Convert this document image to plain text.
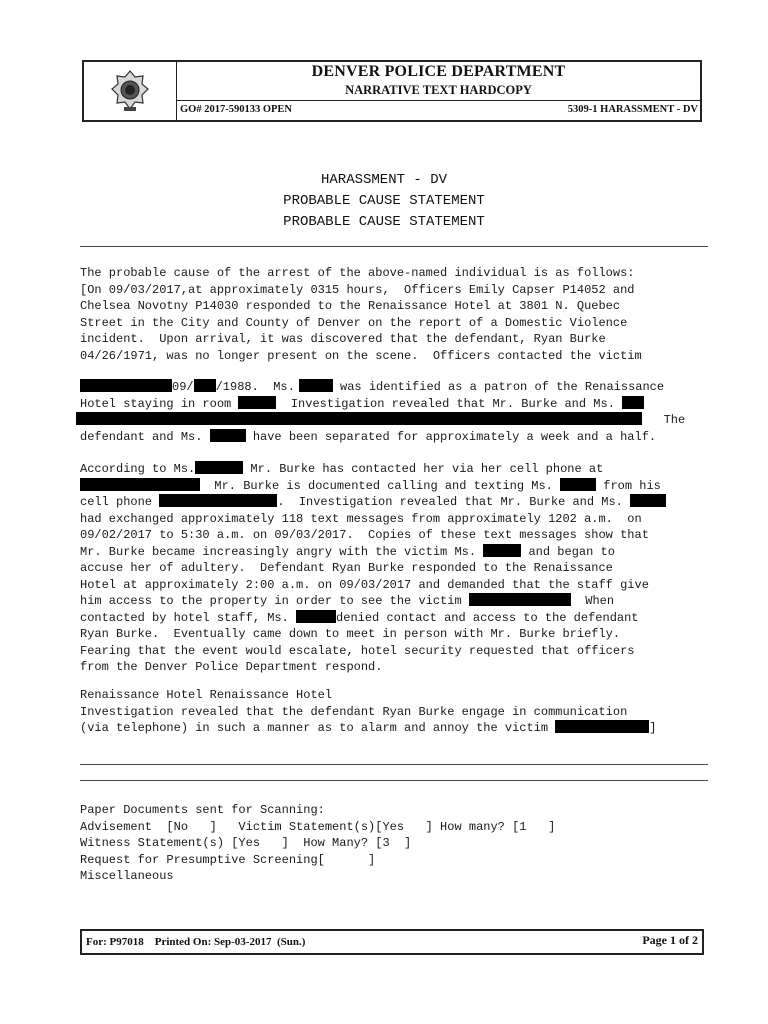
DENVER POLICE DEPARTMENT
NARRATIVE TEXT HARDCOPY
GO# 2017-590133 OPEN	5309-1 HARASSMENT - DV
HARASSMENT - DV
PROBABLE CAUSE STATEMENT
PROBABLE CAUSE STATEMENT
The probable cause of the arrest of the above-named individual is as follows:
[On 09/03/2017,at approximately 0315 hours,  Officers Emily Capser P14052 and
Chelsea Novotny P14030 responded to the Renaissance Hotel at 3801 N. Quebec
Street in the City and County of Denver on the report of a Domestic Violence
incident.  Upon arrival, it was discovered that the defendant, Ryan Burke
04/26/1971, was no longer present on the scene.  Officers contacted the victim
09/ /1988.  Ms.	was identified as a patron of the Renaissance
Hotel staying in room	Investigation revealed that Mr. Burke and Ms.
The
defendant and Ms.	have been separated for approximately a week and a half.
According to Ms.	Mr. Burke has contacted her via her cell phone at
Mr. Burke is documented calling and texting Ms.	from his
cell phone	.  Investigation revealed that Mr. Burke and Ms.
had exchanged approximately 118 text messages from approximately 1202 a.m.  on
09/02/2017 to 5:30 a.m. on 09/03/2017.  Copies of these text messages show that
Mr. Burke became increasingly angry with the victim Ms.	and began to
accuse her of adultery.  Defendant Ryan Burke responded to the Renaissance
Hotel at approximately 2:00 a.m. on 09/03/2017 and demanded that the staff give
him access to the property in order to see the victim	When
contacted by hotel staff, Ms.	denied contact and access to the defendant
Ryan Burke.  Eventually came down to meet in person with Mr. Burke briefly.
Fearing that the event would escalate, hotel security requested that officers
from the Denver Police Department respond.
Renaissance Hotel Renaissance Hotel
Investigation revealed that the defendant Ryan Burke engage in communication
(via telephone) in such a manner as to alarm and annoy the victim	]
Paper Documents sent for Scanning:
Advisement  [No   ]   Victim Statement(s)[Yes   ] How many? [1   ]
Witness Statement(s) [Yes   ]  How Many? [3  ]
Request for Presumptive Screening[      ]
Miscellaneous
For: P97018    Printed On: Sep-03-2017  (Sun.)	Page 1 of 2
